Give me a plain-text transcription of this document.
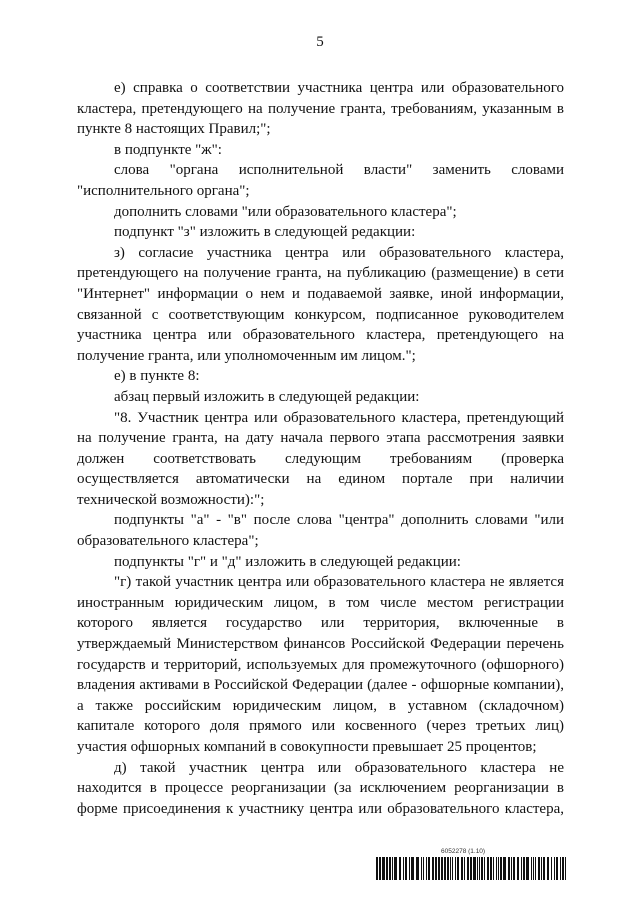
5

е) справка о соответствии участника центра или образовательного кластера, претендующего на получение гранта, требованиям, указанным в пункте 8 настоящих Правил;";

в подпункте "ж":

слова "органа исполнительной власти" заменить словами "исполнительного органа";

дополнить словами "или образовательного кластера";

подпункт "з" изложить в следующей редакции:

з) согласие участника центра или образовательного кластера, претендующего на получение гранта, на публикацию (размещение) в сети "Интернет" информации о нем и подаваемой заявке, иной информации, связанной с соответствующим конкурсом, подписанное руководителем участника центра или образовательного кластера, претендующего на получение гранта, или уполномоченным им лицом.";

е) в пункте 8:

абзац первый изложить в следующей редакции:

"8. Участник центра или образовательного кластера, претендующий на получение гранта, на дату начала первого этапа рассмотрения заявки должен соответствовать следующим требованиям (проверка осуществляется автоматически на едином портале при наличии технической возможности):";

подпункты "а" - "в" после слова "центра" дополнить словами "или образовательного кластера";

подпункты "г" и "д" изложить в следующей редакции:

"г) такой участник центра или образовательного кластера не является иностранным юридическим лицом, в том числе местом регистрации которого является государство или территория, включенные в утверждаемый Министерством финансов Российской Федерации перечень государств и территорий, используемых для промежуточного (офшорного) владения активами в Российской Федерации (далее - офшорные компании), а также российским юридическим лицом, в уставном (складочном) капитале которого доля прямого или косвенного (через третьих лиц) участия офшорных компаний в совокупности превышает 25 процентов;

д) такой участник центра или образовательного кластера не находится в процессе реорганизации (за исключением реорганизации в форме присоединения к участнику центра или образовательного кластера,

6052278 (1.10)
